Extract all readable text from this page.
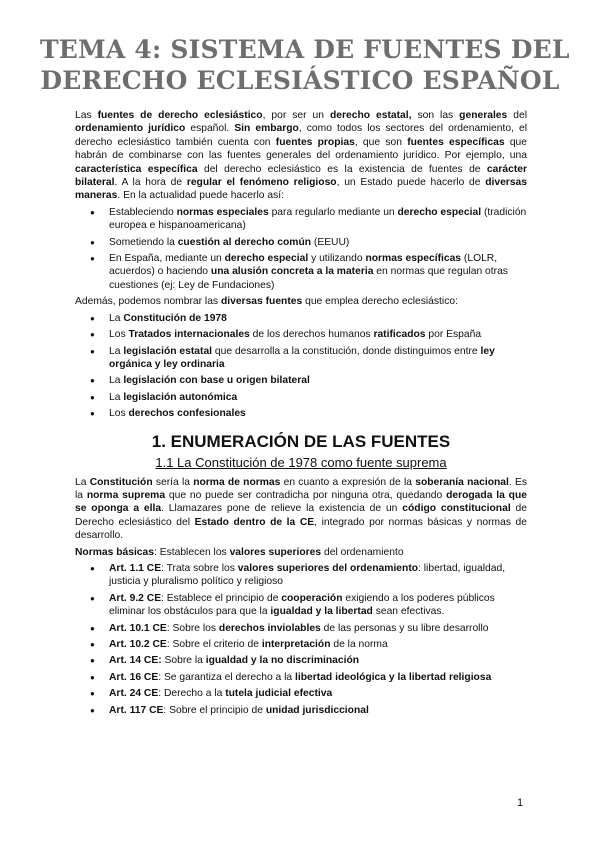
TEMA 4: SISTEMA DE FUENTES DEL
DERECHO ECLESIÁSTICO ESPAÑOL

Las fuentes de derecho eclesiástico, por ser un derecho estatal, son las generales del ordenamiento jurídico español. Sin embargo, como todos los sectores del ordenamiento, el derecho eclesiástico también cuenta con fuentes propias, que son fuentes específicas que habrán de combinarse con las fuentes generales del ordenamiento jurídico. Por ejemplo, una característica específica del derecho eclesiástico es la existencia de fuentes de carácter bilateral. A la hora de regular el fenómeno religioso, un Estado puede hacerlo de diversas maneras. En la actualidad puede hacerlo así:

● Estableciendo normas especiales para regularlo mediante un derecho especial (tradición europea e hispanoamericana)
● Sometiendo la cuestión al derecho común (EEUU)
● En España, mediante un derecho especial y utilizando normas específicas (LOLR, acuerdos) o haciendo una alusión concreta a la materia en normas que regulan otras cuestiones (ej: Ley de Fundaciones)

Además, podemos nombrar las diversas fuentes que emplea derecho eclesiástico:

● La Constitución de 1978
● Los Tratados internacionales de los derechos humanos ratificados por España
● La legislación estatal que desarrolla a la constitución, donde distinguimos entre ley orgánica y ley ordinaria
● La legislación con base u origen bilateral
● La legislación autonómica
● Los derechos confesionales
1. ENUMERACIÓN DE LAS FUENTES
1.1 La Constitución de 1978 como fuente suprema

La Constitución sería la norma de normas en cuanto a expresión de la soberanía nacional. Es la norma suprema que no puede ser contradicha por ninguna otra, quedando derogada la que se oponga a ella. Llamazares pone de relieve la existencia de un código constitucional de Derecho eclesiástico del Estado dentro de la CE, integrado por normas básicas y normas de desarrollo.

Normas básicas: Establecen los valores superiores del ordenamiento

● Art. 1.1 CE: Trata sobre los valores superiores del ordenamiento: libertad, igualdad, justicia y pluralismo político y religioso
● Art. 9.2 CE: Establece el principio de cooperación exigiendo a los poderes públicos eliminar los obstáculos para que la igualdad y la libertad sean efectivas.
● Art. 10.1 CE: Sobre los derechos inviolables de las personas y su libre desarrollo
● Art. 10.2 CE: Sobre el criterio de interpretación de la norma
● Art. 14 CE: Sobre la igualdad y la no discriminación
● Art. 16 CE: Se garantiza el derecho a la libertad ideológica y la libertad religiosa
● Art. 24 CE: Derecho a la tutela judicial efectiva
● Art. 117 CE: Sobre el principio de unidad jurisdiccional
1
